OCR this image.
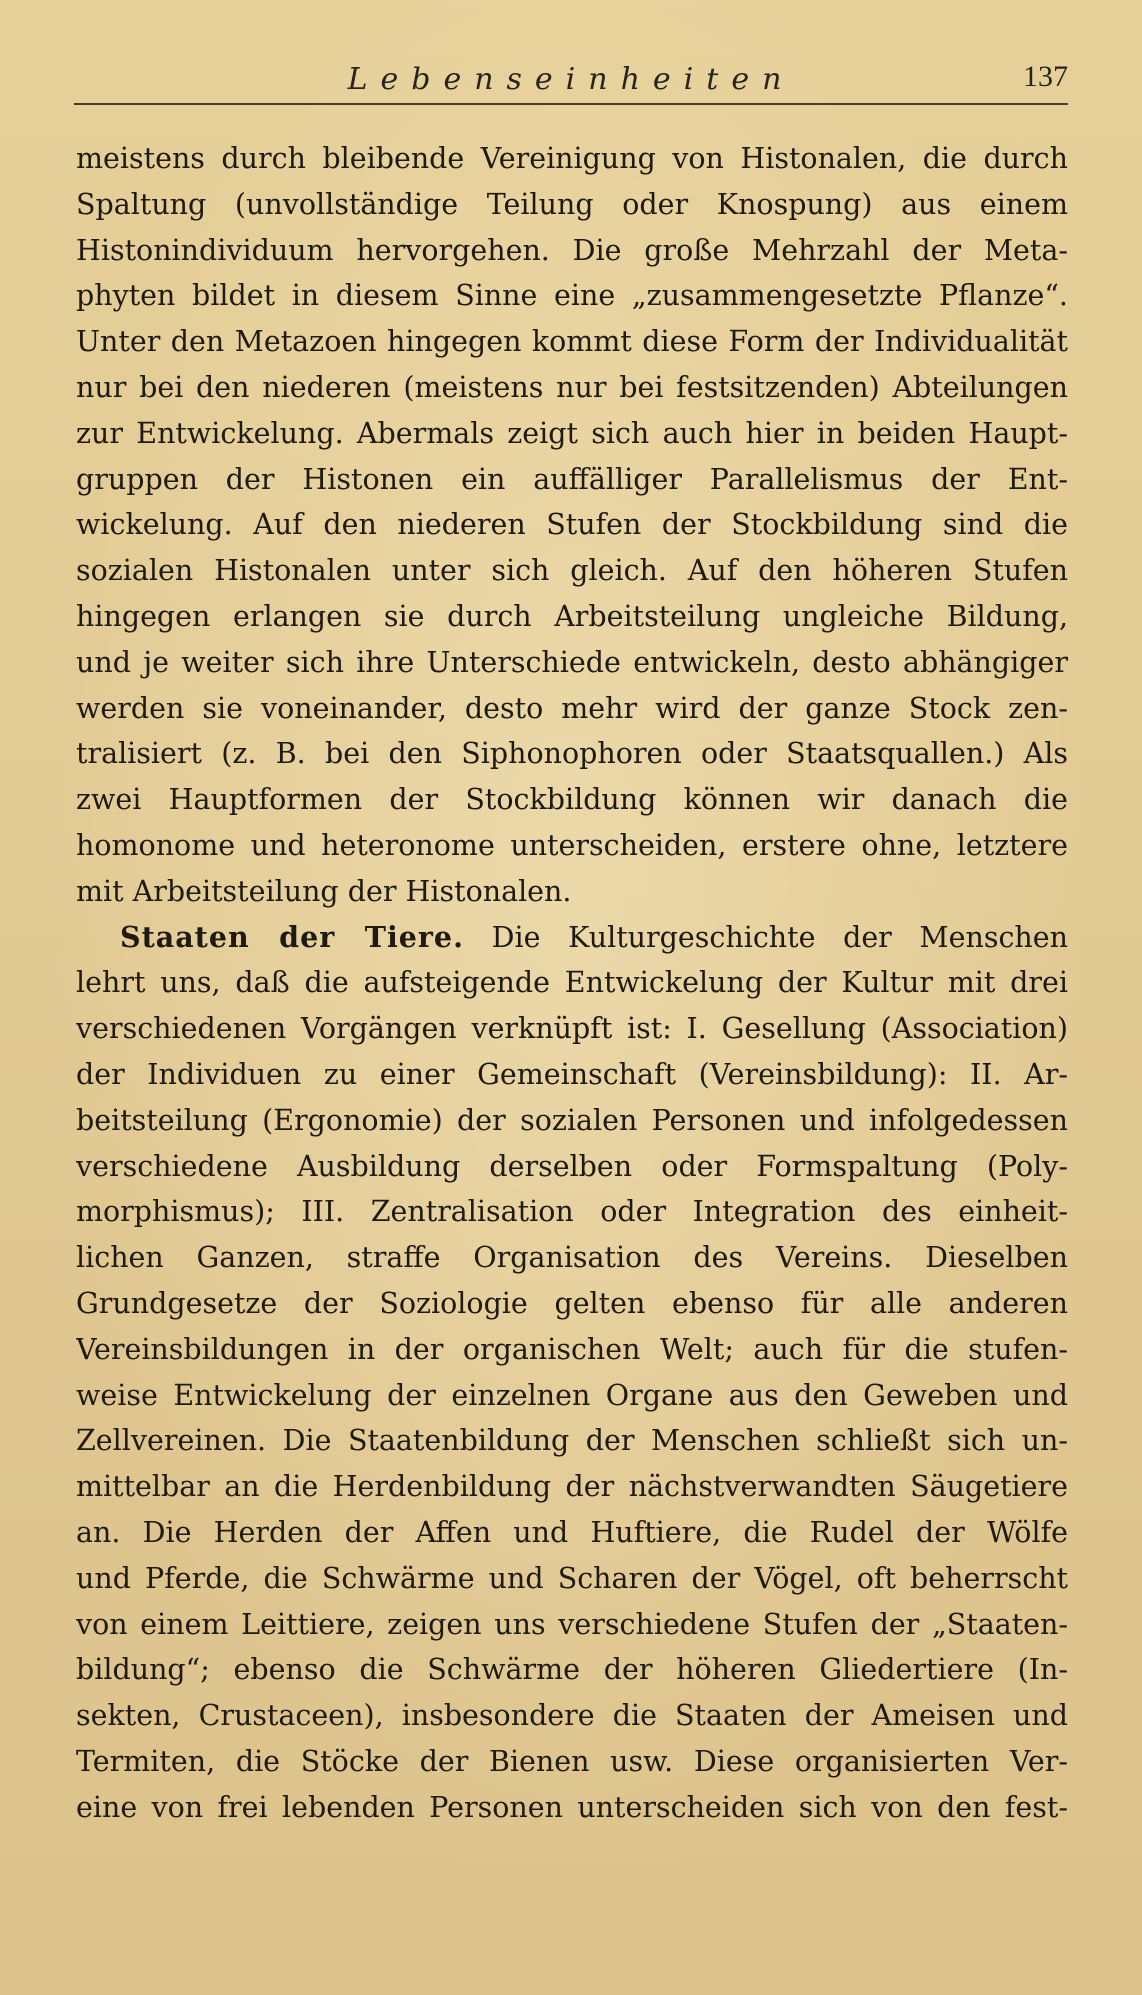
Lebenseinheiten	137
meistens durch bleibende Vereinigung von Histonalen, die durch
Spaltung (unvollständige Teilung oder Knospung) aus einem
Histonindividuum hervorgehen. Die große Mehrzahl der Meta-
phyten bildet in diesem Sinne eine „zusammengesetzte Pflanze“.
Unter den Metazoen hingegen kommt diese Form der Individualität
nur bei den niederen (meistens nur bei festsitzenden) Abteilungen
zur Entwickelung. Abermals zeigt sich auch hier in beiden Haupt-
gruppen der Histonen ein auffälliger Parallelismus der Ent-
wickelung. Auf den niederen Stufen der Stockbildung sind die
sozialen Histonalen unter sich gleich. Auf den höheren Stufen
hingegen erlangen sie durch Arbeitsteilung ungleiche Bildung,
und je weiter sich ihre Unterschiede entwickeln, desto abhängiger
werden sie voneinander, desto mehr wird der ganze Stock zen-
tralisiert (z. B. bei den Siphonophoren oder Staatsquallen.) Als
zwei Hauptformen der Stockbildung können wir danach die
homonome und heteronome unterscheiden, erstere ohne, letztere
mit Arbeitsteilung der Histonalen.
Staaten der Tiere. Die Kulturgeschichte der Menschen
lehrt uns, daß die aufsteigende Entwickelung der Kultur mit drei
verschiedenen Vorgängen verknüpft ist: I. Gesellung (Association)
der Individuen zu einer Gemeinschaft (Vereinsbildung): II. Ar-
beitsteilung (Ergonomie) der sozialen Personen und infolgedessen
verschiedene Ausbildung derselben oder Formspaltung (Poly-
morphismus); III. Zentralisation oder Integration des einheit-
lichen Ganzen, straffe Organisation des Vereins. Dieselben
Grundgesetze der Soziologie gelten ebenso für alle anderen
Vereinsbildungen in der organischen Welt; auch für die stufen-
weise Entwickelung der einzelnen Organe aus den Geweben und
Zellvereinen. Die Staatenbildung der Menschen schließt sich un-
mittelbar an die Herdenbildung der nächstverwandten Säugetiere
an. Die Herden der Affen und Huftiere, die Rudel der Wölfe
und Pferde, die Schwärme und Scharen der Vögel, oft beherrscht
von einem Leittiere, zeigen uns verschiedene Stufen der „Staaten-
bildung“; ebenso die Schwärme der höheren Gliedertiere (In-
sekten, Crustaceen), insbesondere die Staaten der Ameisen und
Termiten, die Stöcke der Bienen usw. Diese organisierten Ver-
eine von frei lebenden Personen unterscheiden sich von den fest-
